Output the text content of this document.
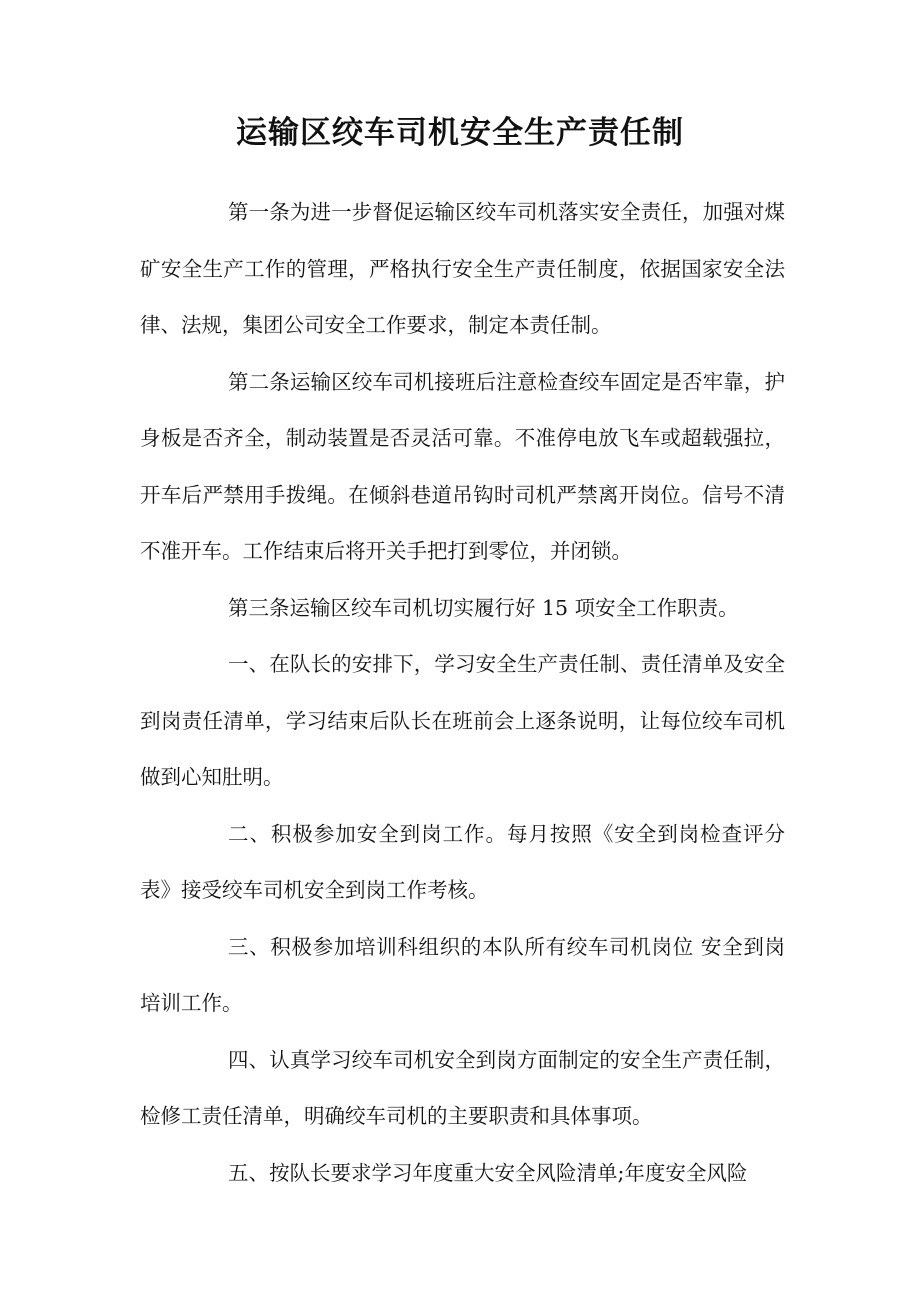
运输区绞车司机安全生产责任制

第一条为进一步督促运输区绞车司机落实安全责任，加强对煤矿安全生产工作的管理，严格执行安全生产责任制度，依据国家安全法律、法规，集团公司安全工作要求，制定本责任制。

第二条运输区绞车司机接班后注意检查绞车固定是否牢靠，护身板是否齐全，制动装置是否灵活可靠。不准停电放飞车或超载强拉，开车后严禁用手拨绳。在倾斜巷道吊钩时司机严禁离开岗位。信号不清不准开车。工作结束后将开关手把打到零位，并闭锁。

第三条运输区绞车司机切实履行好 15 项安全工作职责。

一、在队长的安排下，学习安全生产责任制、责任清单及安全到岗责任清单，学习结束后队长在班前会上逐条说明，让每位绞车司机做到心知肚明。

二、积极参加安全到岗工作。每月按照《安全到岗检查评分表》接受绞车司机安全到岗工作考核。

三、积极参加培训科组织的本队所有绞车司机岗位 安全到岗培训工作。

四、认真学习绞车司机安全到岗方面制定的安全生产责任制，检修工责任清单，明确绞车司机的主要职责和具体事项。

五、按队长要求学习年度重大安全风险清单;年度安全风险
